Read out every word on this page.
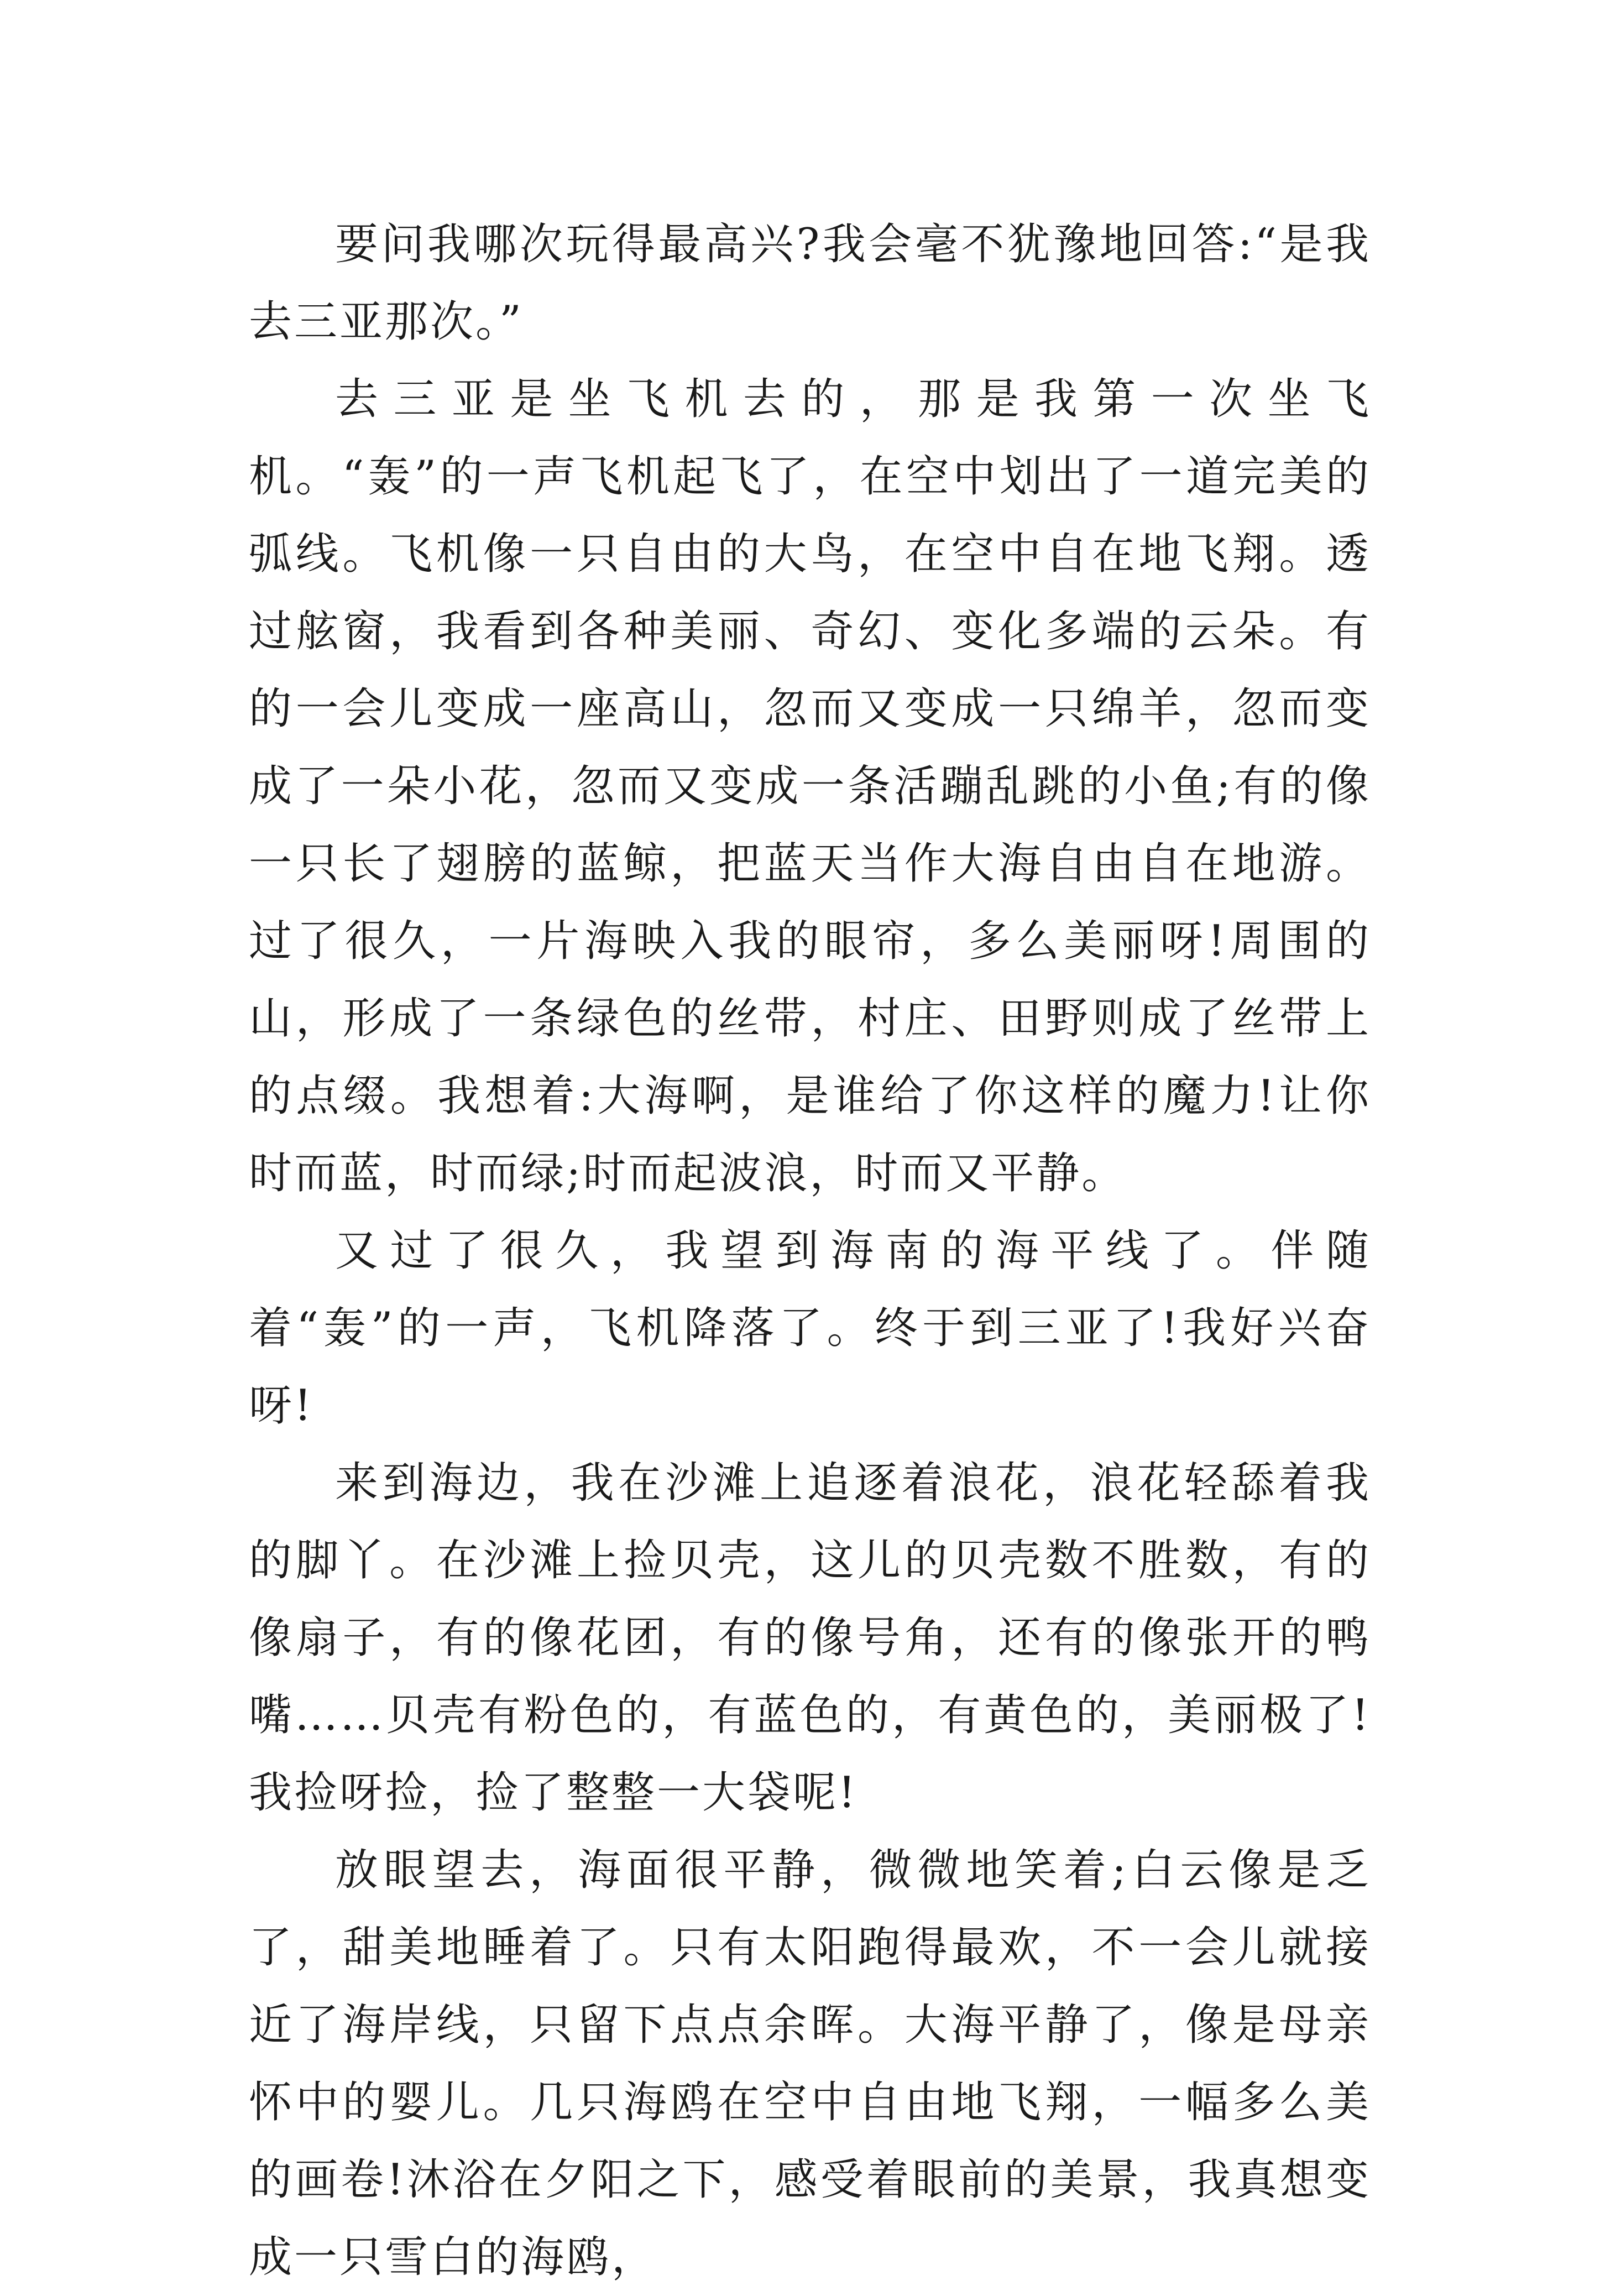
要问我哪次玩得最高兴?我会毫不犹豫地回答:“是我去三亚那次。”

去三亚是坐飞机去的，那是我第一次坐飞机。“轰”的一声飞机起飞了，在空中划出了一道完美的弧线。飞机像一只自由的大鸟，在空中自在地飞翔。透过舷窗，我看到各种美丽、奇幻、变化多端的云朵。有的一会儿变成一座高山，忽而又变成一只绵羊，忽而变成了一朵小花，忽而又变成一条活蹦乱跳的小鱼;有的像一只长了翅膀的蓝鲸，把蓝天当作大海自由自在地游。过了很久，一片海映入我的眼帘，多么美丽呀!周围的山，形成了一条绿色的丝带，村庄、田野则成了丝带上的点缀。我想着:大海啊，是谁给了你这样的魔力!让你时而蓝，时而绿;时而起波浪，时而又平静。

又过了很久，我望到海南的海平线了。伴随着“轰”的一声，飞机降落了。终于到三亚了!我好兴奋呀!

来到海边，我在沙滩上追逐着浪花，浪花轻舔着我的脚丫。在沙滩上捡贝壳，这儿的贝壳数不胜数，有的像扇子，有的像花团，有的像号角，还有的像张开的鸭嘴……贝壳有粉色的，有蓝色的，有黄色的，美丽极了!我捡呀捡，捡了整整一大袋呢!

放眼望去，海面很平静，微微地笑着;白云像是乏了，甜美地睡着了。只有太阳跑得最欢，不一会儿就接近了海岸线，只留下点点余晖。大海平静了，像是母亲怀中的婴儿。几只海鸥在空中自由地飞翔，一幅多么美的画卷!沐浴在夕阳之下，感受着眼前的美景，我真想变成一只雪白的海鸥，
